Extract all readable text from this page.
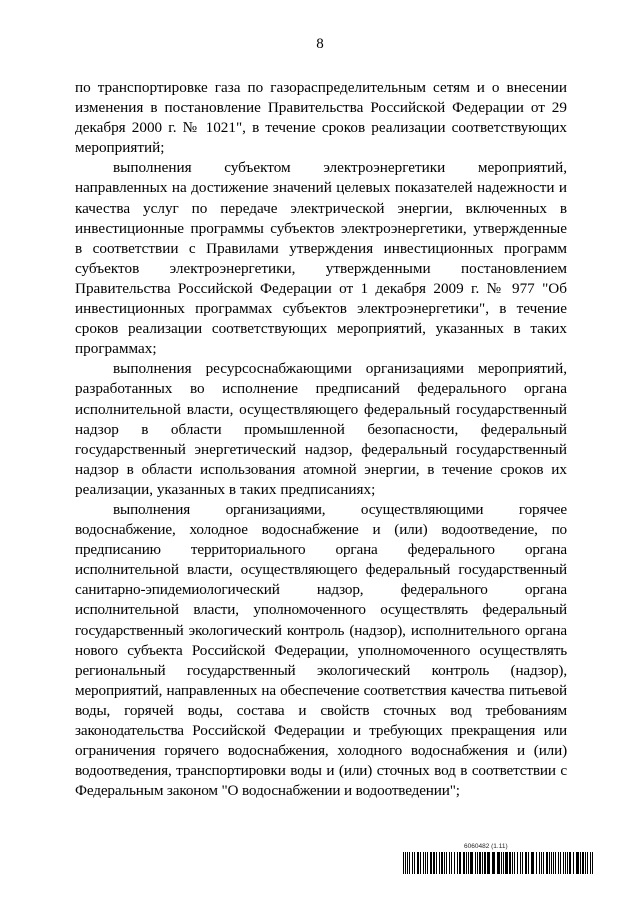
8

по транспортировке газа по газораспределительным сетям и о внесении изменения в постановление Правительства Российской Федерации от 29 декабря 2000 г. № 1021", в течение сроков реализации соответствующих мероприятий;

выполнения субъектом электроэнергетики мероприятий, направленных на достижение значений целевых показателей надежности и качества услуг по передаче электрической энергии, включенных в инвестиционные программы субъектов электроэнергетики, утвержденные в соответствии с Правилами утверждения инвестиционных программ субъектов электроэнергетики, утвержденными постановлением Правительства Российской Федерации от 1 декабря 2009 г. № 977 "Об инвестиционных программах субъектов электроэнергетики", в течение сроков реализации соответствующих мероприятий, указанных в таких программах;

выполнения ресурсоснабжающими организациями мероприятий, разработанных во исполнение предписаний федерального органа исполнительной власти, осуществляющего федеральный государственный надзор в области промышленной безопасности, федеральный государственный энергетический надзор, федеральный государственный надзор в области использования атомной энергии, в течение сроков их реализации, указанных в таких предписаниях;

выполнения организациями, осуществляющими горячее водоснабжение, холодное водоснабжение и (или) водоотведение, по предписанию территориального органа федерального органа исполнительной власти, осуществляющего федеральный государственный санитарно-эпидемиологический надзор, федерального органа исполнительной власти, уполномоченного осуществлять федеральный государственный экологический контроль (надзор), исполнительного органа нового субъекта Российской Федерации, уполномоченного осуществлять региональный государственный экологический контроль (надзор), мероприятий, направленных на обеспечение соответствия качества питьевой воды, горячей воды, состава и свойств сточных вод требованиям законодательства Российской Федерации и требующих прекращения или ограничения горячего водоснабжения, холодного водоснабжения и (или) водоотведения, транспортировки воды и (или) сточных вод в соответствии с Федеральным законом "О водоснабжении и водоотведении";

6060482 (1.11)
